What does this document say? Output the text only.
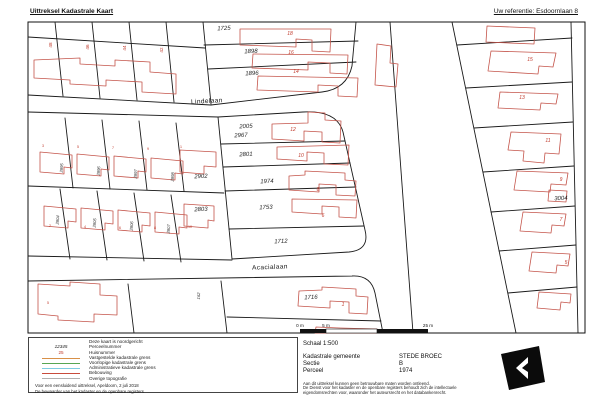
Uittreksel Kadastrale Kaart	Uw referentie: Esdoornlaan 8
Lindelaan
Acacialaan
1725
1898
1896
2005
2967
2801
1974
1753
1712
2902
2803
3004
1716
18
16
14
12
10
8
6
1
15
13
11
9
7
5
48	46	44	42
2895	2896	2897	2898
2804	2805	2806	2807
162
3	5	7	9	1
2	4	6	8	10
5
0 m	5 m	25 m
Deze kaart is noordgericht
12345	Perceelnummer
25	Huisnummer
Vastgestelde kadastrale grens
Voorlopige kadastrale grens
Administratieve kadastrale grens
Bebouwing
Overige topografie
Voor een eensluidend uittreksel, Apeldoorn, 2 juli 2018
De bewaarder van het kadaster en de openbare registers
Schaal 1:500
Kadastrale gemeente	STEDE BROEC
Sectie	B
Perceel	1974
Aan dit uittreksel kunnen geen betrouwbare maten worden ontleend.
De Dienst voor het kadaster en de openbare registers behoudt zich de intellectuele
eigendomsrechten voor, waaronder het auteursrecht en het databankenrecht.
